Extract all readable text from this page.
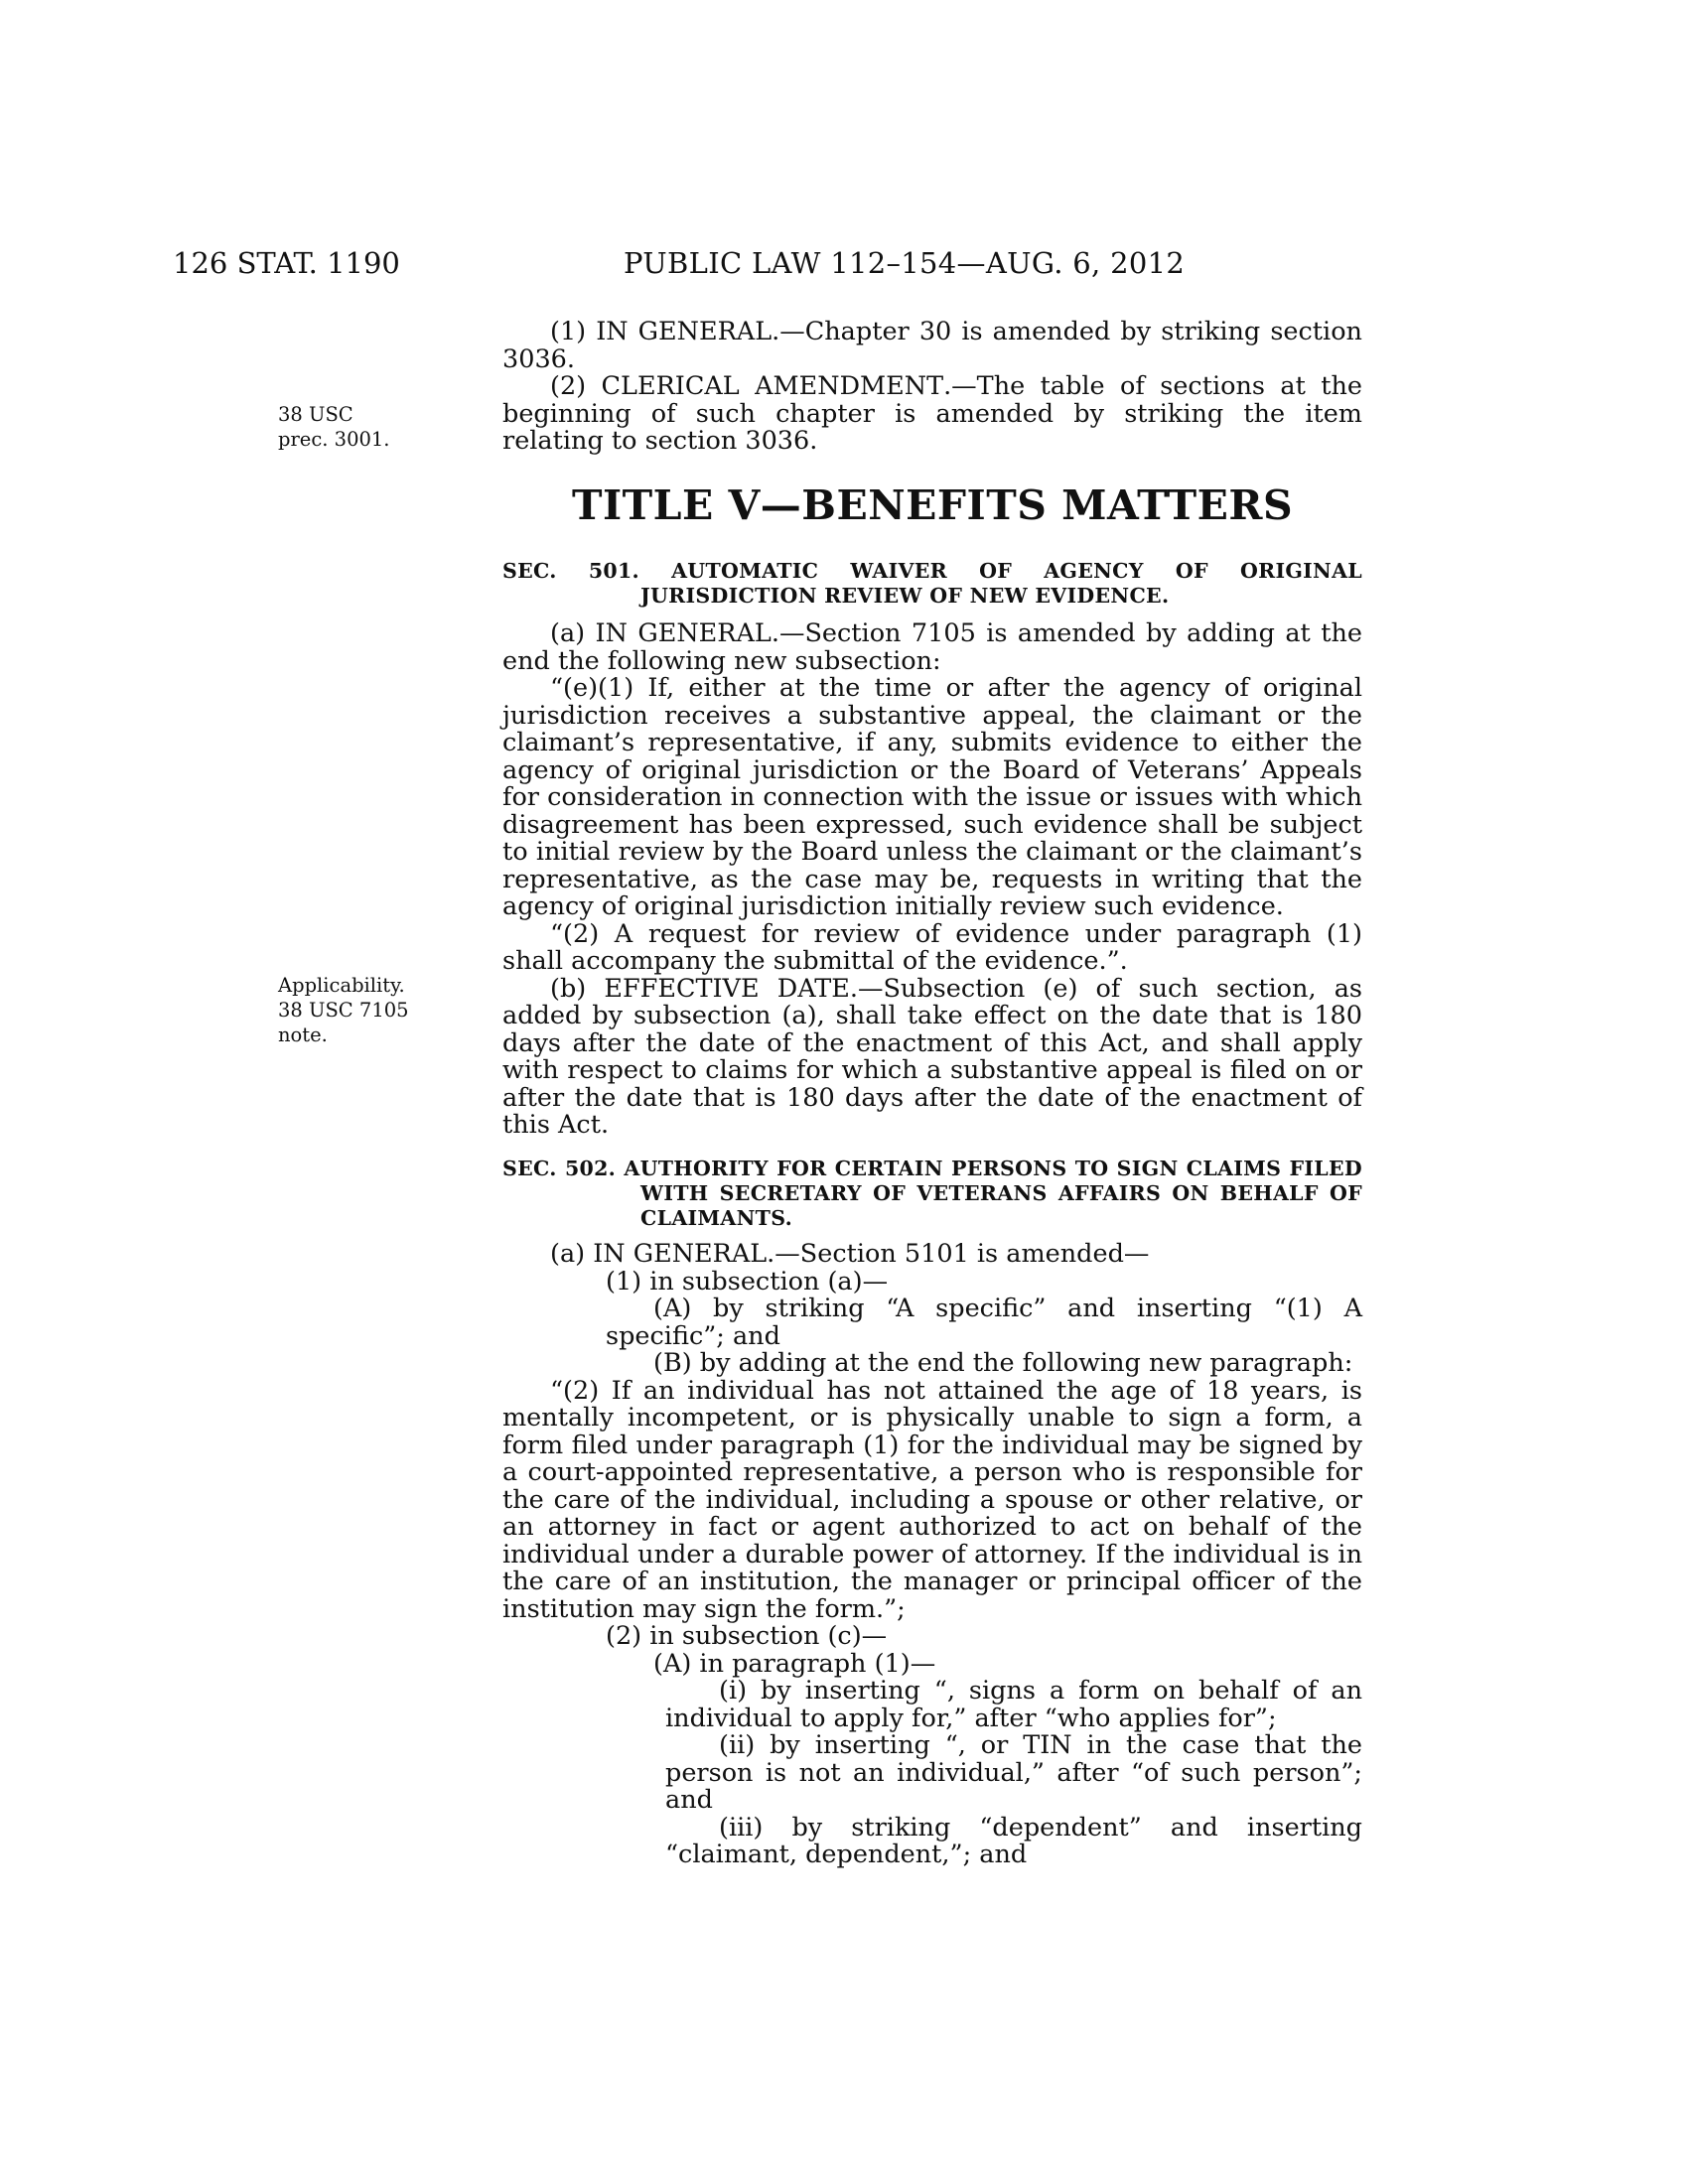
126 STAT. 1190	PUBLIC LAW 112–154—AUG. 6, 2012
38 USC
prec. 3001.
Applicability.
38 USC 7105
note.

(1) IN GENERAL.—Chapter 30 is amended by striking section 3036.

(2) CLERICAL AMENDMENT.—The table of sections at the beginning of such chapter is amended by striking the item relating to section 3036.

TITLE V—BENEFITS MATTERS
SEC. 501. AUTOMATIC WAIVER OF AGENCY OF ORIGINAL JURISDICTION REVIEW OF NEW EVIDENCE.

(a) IN GENERAL.—Section 7105 is amended by adding at the end the following new subsection:

“(e)(1) If, either at the time or after the agency of original jurisdiction receives a substantive appeal, the claimant or the claimant’s representative, if any, submits evidence to either the agency of original jurisdiction or the Board of Veterans’ Appeals for consideration in connection with the issue or issues with which disagreement has been expressed, such evidence shall be subject to initial review by the Board unless the claimant or the claimant’s representative, as the case may be, requests in writing that the agency of original jurisdiction initially review such evidence.

“(2) A request for review of evidence under paragraph (1) shall accompany the submittal of the evidence.”.

(b) EFFECTIVE DATE.—Subsection (e) of such section, as added by subsection (a), shall take effect on the date that is 180 days after the date of the enactment of this Act, and shall apply with respect to claims for which a substantive appeal is filed on or after the date that is 180 days after the date of the enactment of this Act.

SEC. 502. AUTHORITY FOR CERTAIN PERSONS TO SIGN CLAIMS FILED WITH SECRETARY OF VETERANS AFFAIRS ON BEHALF OF CLAIMANTS.

(a) IN GENERAL.—Section 5101 is amended—

(1) in subsection (a)—

(A) by striking “A specific” and inserting “(1) A specific”; and

(B) by adding at the end the following new paragraph:

“(2) If an individual has not attained the age of 18 years, is mentally incompetent, or is physically unable to sign a form, a form filed under paragraph (1) for the individual may be signed by a court-appointed representative, a person who is responsible for the care of the individual, including a spouse or other relative, or an attorney in fact or agent authorized to act on behalf of the individual under a durable power of attorney. If the individual is in the care of an institution, the manager or principal officer of the institution may sign the form.”;

(2) in subsection (c)—

(A) in paragraph (1)—

(i) by inserting “, signs a form on behalf of an individual to apply for,” after “who applies for”;

(ii) by inserting “, or TIN in the case that the person is not an individual,” after “of such person”; and

(iii) by striking “dependent” and inserting “claimant, dependent,”; and
